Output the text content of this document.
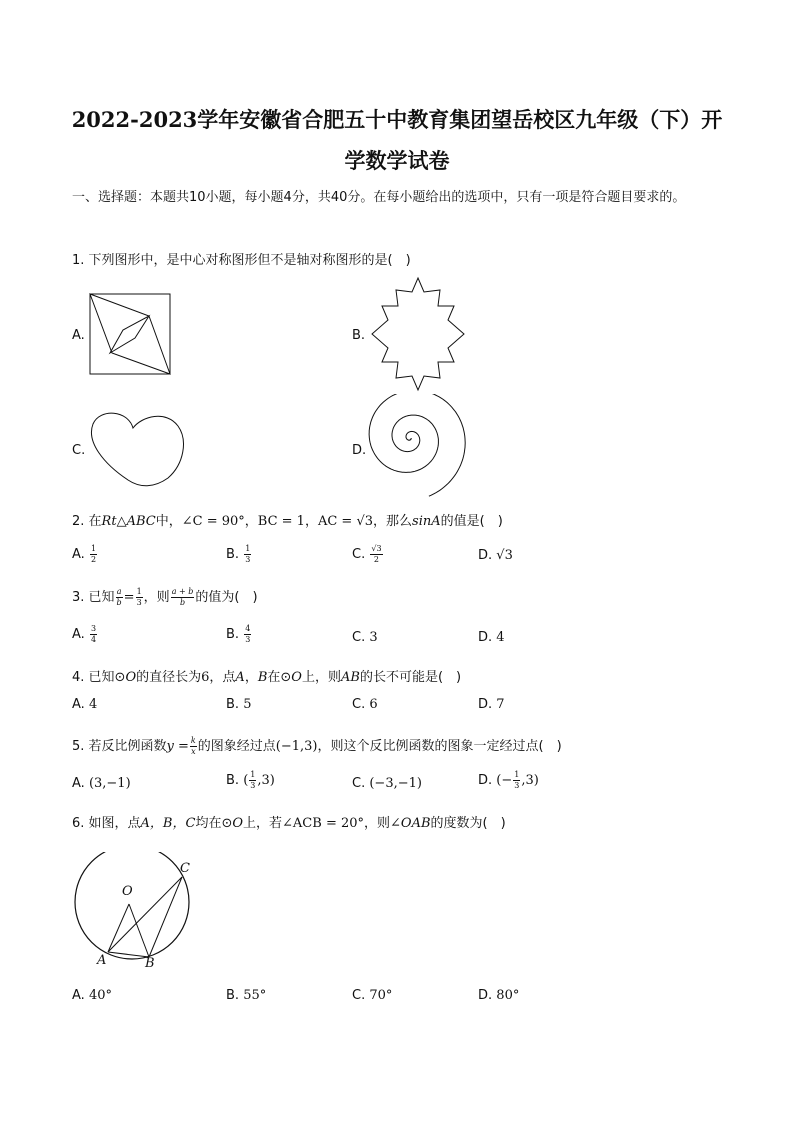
2022-2023学年安徽省合肥五十中教育集团望岳校区九年级（下）开
学数学试卷
一、选择题：本题共10小题，每小题4分，共40分。在每小题给出的选项中，只有一项是符合题目要求的。
1. 下列图形中，是中心对称图形但不是轴对称图形的是(　)
A.	B.
C.	D.
2. 在Rt△ABC中，∠C = 90°，BC = 1，AC = √3，那么sinA的值是(　)
A. $\frac{1}{2}$	B. $\frac{1}{3}$	C. $\frac{√3}{2}$	D. √3
3. 已知 $\frac{a}{b} = \frac{1}{3}$ ，则 $\frac{a + b}{b}$ 的值为(　)
A. $\frac{3}{4}$	B. $\frac{4}{3}$	C. 3	D. 4
4. 已知⊙O的直径长为6，点A，B在⊙O上，则AB的长不可能是(　)
A. 4	B. 5	C. 6	D. 7
5. 若反比例函数$y = \frac{k}{x}$ 的图象经过点(−1,3)，则这个反比例函数的图象一定经过点(　)
A. (3,−1)	B. ( $\frac{1}{3} ,3$)	C. (−3,−1)	D. (− $\frac{1}{3} ,3$)
6. 如图，点A，B，C均在⊙O上，若∠ACB = 20°，则∠OAB的度数为(　)
O
A	B
C
A. 40°	B. 55°	C. 70°	D. 80°
